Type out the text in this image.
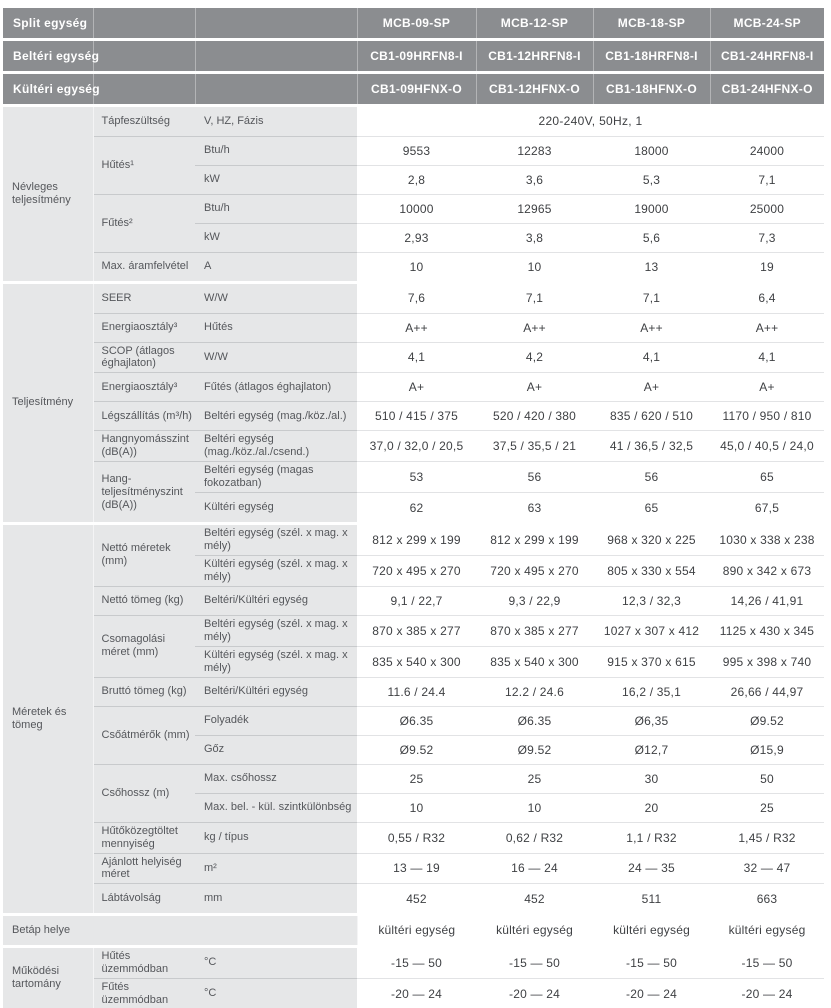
Split egység			MCB-09-SP	MCB-12-SP	MCB-18-SP	MCB-24-SP
Beltéri egység			CB1-09HRFN8-I	CB1-12HRFN8-I	CB1-18HRFN8-I	CB1-24HRFN8-I
Kültéri egység			CB1-09HFNX-O	CB1-12HFNX-O	CB1-18HFNX-O	CB1-24HFNX-O
Névleges teljesítmény	Tápfeszültség	V, HZ, Fázis	220-240V, 50Hz, 1			
	Hűtés¹	Btu/h	9553	12283	18000	24000
		kW	2,8	3,6	5,3	7,1
	Fűtés²	Btu/h	10000	12965	19000	25000
		kW	2,93	3,8	5,6	7,3
	Max. áramfelvétel	A	10	10	13	19
Teljesítmény	SEER	W/W	7,6	7,1	7,1	6,4
	Energiaosztály³	Hűtés	A++	A++	A++	A++
	SCOP (átlagos éghajlaton)	W/W	4,1	4,2	4,1	4,1
	Energiaosztály³	Fűtés (átlagos éghajlaton)	A+	A+	A+	A+
	Légszállítás (m³/h)	Beltéri egység (mag./köz./al.)	510 / 415 / 375	520 / 420 / 380	835 / 620 / 510	1170 / 950 / 810
	Hangnyomásszint (dB(A))	Beltéri egység (mag./köz./al./csend.)	37,0 / 32,0 / 20,5	37,5 / 35,5 / 21	41 / 36,5 / 32,5	45,0 / 40,5 / 24,0
	Hang-teljesítményszint (dB(A))	Beltéri egység (magas fokozatban)	53	56	56	65
		Kültéri egység	62	63	65	67,5
Méretek és tömeg	Nettó méretek (mm)	Beltéri egység (szél. x mag. x mély)	812 x 299 x 199	812 x 299 x 199	968 x 320 x 225	1030 x 338 x 238
		Kültéri egység (szél. x mag. x mély)	720 x 495 x 270	720 x 495 x 270	805 x 330 x 554	890 x 342 x 673
	Nettó tömeg (kg)	Beltéri/Kültéri egység	9,1 / 22,7	9,3 / 22,9	12,3 / 32,3	14,26 / 41,91
	Csomagolási méret (mm)	Beltéri egység (szél. x mag. x mély)	870 x 385 x 277	870 x 385 x 277	1027 x 307 x 412	1125 x 430 x 345
		Kültéri egység (szél. x mag. x mély)	835 x 540 x 300	835 x 540 x 300	915 x 370 x 615	995 x 398 x 740
	Bruttó tömeg (kg)	Beltéri/Kültéri egység	11.6 / 24.4	12.2 / 24.6	16,2 / 35,1	26,66 / 44,97
	Csőátmérők (mm)	Folyadék	Ø6.35	Ø6.35	Ø6,35	Ø9.52
		Gőz	Ø9.52	Ø9.52	Ø12,7	Ø15,9
	Csőhossz (m)	Max. csőhossz	25	25	30	50
		Max. bel. - kül. szintkülönbség	10	10	20	25
	Hűtőközegtöltet mennyiség	kg / típus	0,55 / R32	0,62 / R32	1,1 / R32	1,45 / R32
	Ajánlott helyiség méret	m²	13 — 19	16 — 24	24 — 35	32 — 47
	Lábtávolság	mm	452	452	511	663
Betáp helye	kültéri egység	kültéri egység	kültéri egység	kültéri egység
Működési tartomány	Hűtés üzemmódban	°C	-15 — 50	-15 — 50	-15 — 50	-15 — 50
	Fűtés üzemmódban	°C	-20 — 24	-20 — 24	-20 — 24	-20 — 24
